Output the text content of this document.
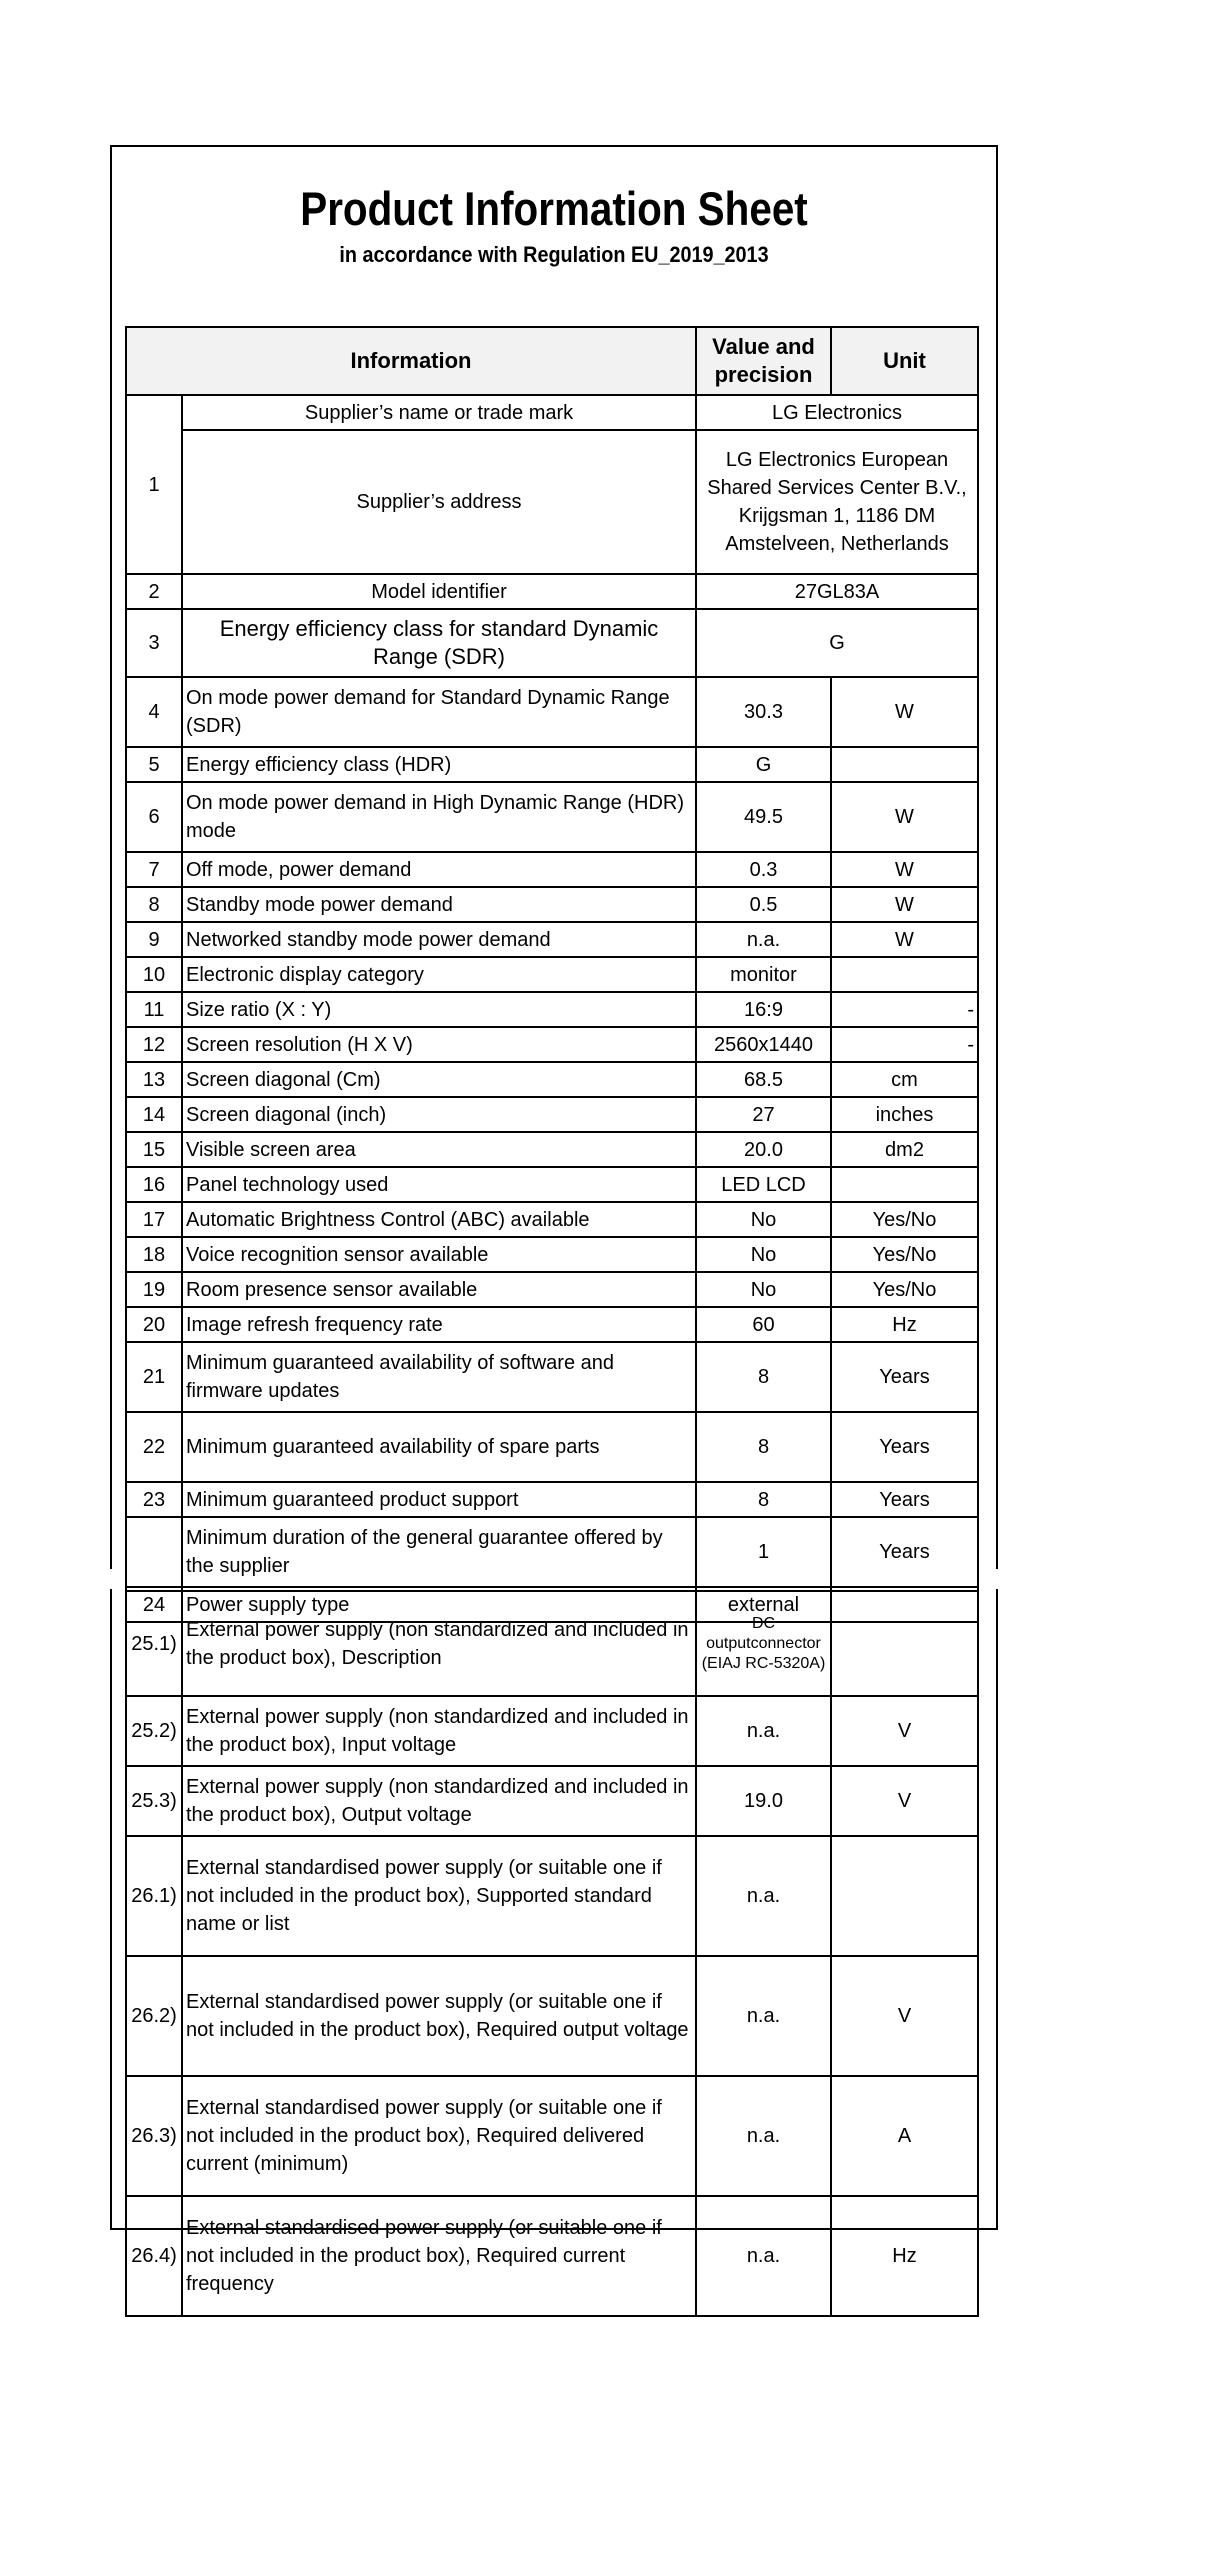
Product Information Sheet
in accordance with Regulation EU_2019_2013
Information		Value and precision	Unit
1	Supplier’s name or trade mark	LG Electronics	
	Supplier’s address	LG Electronics European Shared Services Center B.V., Krijgsman 1, 1186 DM Amstelveen, Netherlands	
2	Model identifier	27GL83A	
3	Energy efficiency class for standard Dynamic Range (SDR)	G	
4	On mode power demand for Standard Dynamic Range (SDR)	30.3	W
5	Energy efficiency class (HDR)	G	
6	On mode power demand in High Dynamic Range (HDR) mode	49.5	W
7	Off mode, power demand	0.3	W
8	Standby mode power demand	0.5	W
9	Networked standby mode power demand	n.a.	W
10	Electronic display category	monitor	
11	Size ratio (X : Y)	16:9	-
12	Screen resolution (H X V)	2560x1440	-
13	Screen diagonal (Cm)	68.5	cm
14	Screen diagonal (inch)	27	inches
15	Visible screen area	20.0	dm2
16	Panel technology used	LED LCD	
17	Automatic Brightness Control (ABC) available	No	Yes/No
18	Voice recognition sensor available	No	Yes/No
19	Room presence sensor available	No	Yes/No
20	Image refresh frequency rate	60	Hz
21	Minimum guaranteed availability of software and firmware updates	8	Years
22	Minimum guaranteed availability of spare parts	8	Years
23	Minimum guaranteed product support	8	Years
	Minimum duration of the general guarantee offered by the supplier	1	Years
24	Power supply type	external	
25.1)	External power supply (non standardized and included in the product box), Description	DC outputconnector (EIAJ RC-5320A)	
25.2)	External power supply (non standardized and included in the product box), Input voltage	n.a.	V
25.3)	External power supply (non standardized and included in the product box), Output voltage	19.0	V
26.1)	External standardised power supply (or suitable one if not included in the product box), Supported standard name or list	n.a.	
26.2)	External standardised power supply (or suitable one if not included in the product box), Required output voltage	n.a.	V
26.3)	External standardised power supply (or suitable one if not included in the product box), Required delivered current (minimum)	n.a.	A
26.4)	External standardised power supply (or suitable one if not included in the product box), Required current frequency	n.a.	Hz
